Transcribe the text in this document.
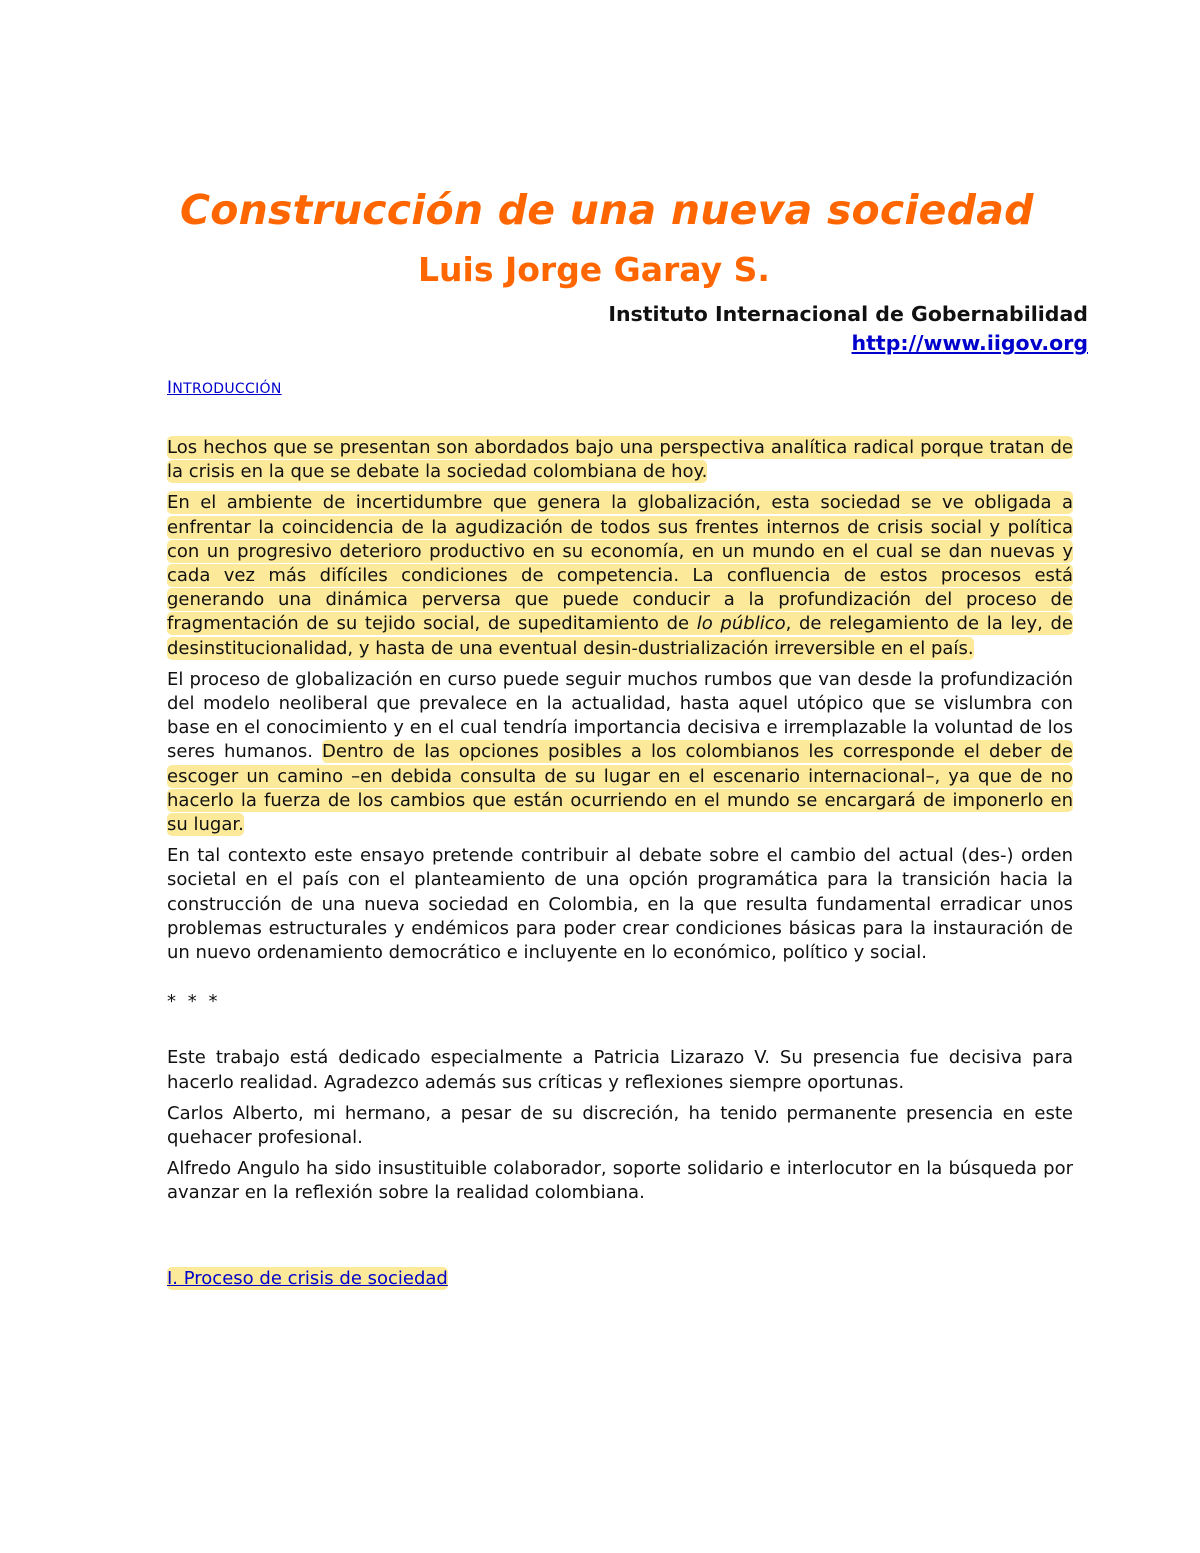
Construcción de una nueva sociedad
Luis Jorge Garay S.
Instituto Internacional de Gobernabilidad
http://www.iigov.org
INTRODUCCIÓN

Los hechos que se presentan son abordados bajo una perspectiva analítica radical porque tratan de la crisis en la que se debate la sociedad colombiana de hoy.

En el ambiente de incertidumbre que genera la globalización, esta sociedad se ve obligada a enfrentar la coincidencia de la agudización de todos sus frentes internos de crisis social y política con un progresivo deterioro productivo en su economía, en un mundo en el cual se dan nuevas y cada vez más difíciles condiciones de competencia. La confluencia de estos procesos está generando una dinámica perversa que puede conducir a la profundización del proceso de fragmentación de su tejido social, de supeditamiento de lo público, de relegamiento de la ley, de desinstitucionalidad, y hasta de una eventual desin-dustrialización irreversible en el país.

El proceso de globalización en curso puede seguir muchos rumbos que van desde la profundización del modelo neoliberal que prevalece en la actualidad, hasta aquel utópico que se vislumbra con base en el conocimiento y en el cual tendría importancia decisiva e irremplazable la voluntad de los seres humanos. Dentro de las opciones posibles a los colombianos les corresponde el deber de escoger un camino –en debida consulta de su lugar en el escenario internacional–, ya que de no hacerlo la fuerza de los cambios que están ocurriendo en el mundo se encargará de imponerlo en su lugar.

En tal contexto este ensayo pretende contribuir al debate sobre el cambio del actual (des-) orden societal en el país con el planteamiento de una opción programática para la transición hacia la construcción de una nueva sociedad en Colombia, en la que resulta fundamental erradicar unos problemas estructurales y endémicos para poder crear condiciones básicas para la instauración de un nuevo ordenamiento democrático e incluyente en lo económico, político y social.

* * *

Este trabajo está dedicado especialmente a Patricia Lizarazo V. Su presencia fue decisiva para hacerlo realidad. Agradezco además sus críticas y reflexiones siempre oportunas.

Carlos Alberto, mi hermano, a pesar de su discreción, ha tenido permanente presencia en este quehacer profesional.

Alfredo Angulo ha sido insustituible colaborador, soporte solidario e interlocutor en la búsqueda por avanzar en la reflexión sobre la realidad colombiana.

I. Proceso de crisis de sociedad
